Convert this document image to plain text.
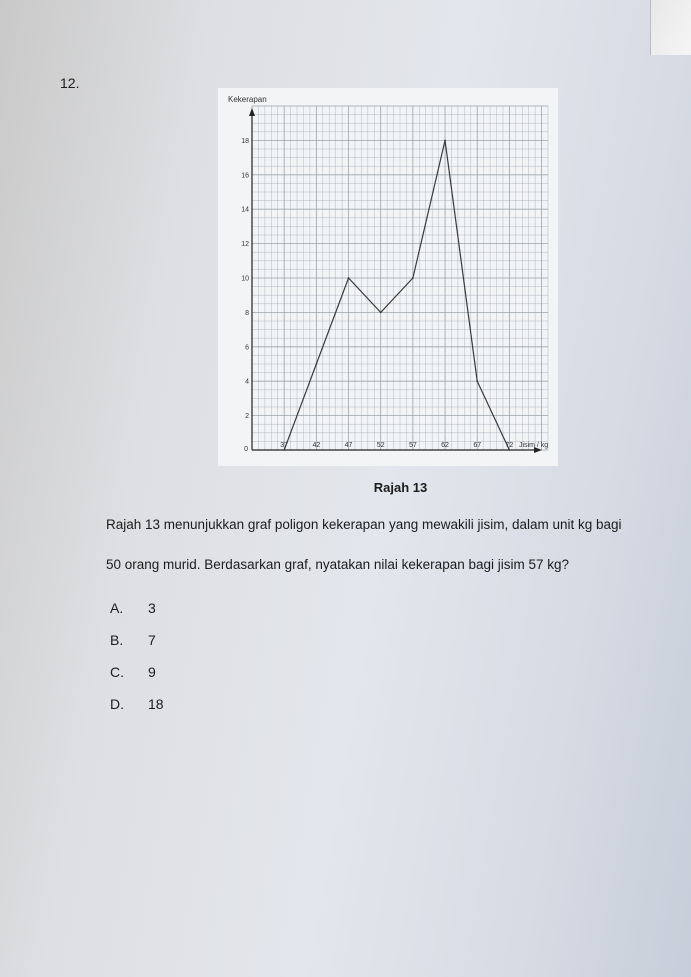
12.
2
4
6
8
10
12
14
16
18
37	42	47	52	57	62	67	72
0
Kekerapan
Jisim / kg
Rajah 13

Rajah 13 menunjukkan graf poligon kekerapan yang mewakili jisim, dalam unit kg bagi

50 orang murid. Berdasarkan graf, nyatakan nilai kekerapan bagi jisim 57 kg?

A.	3
B.	7
C.	9
D.	18
